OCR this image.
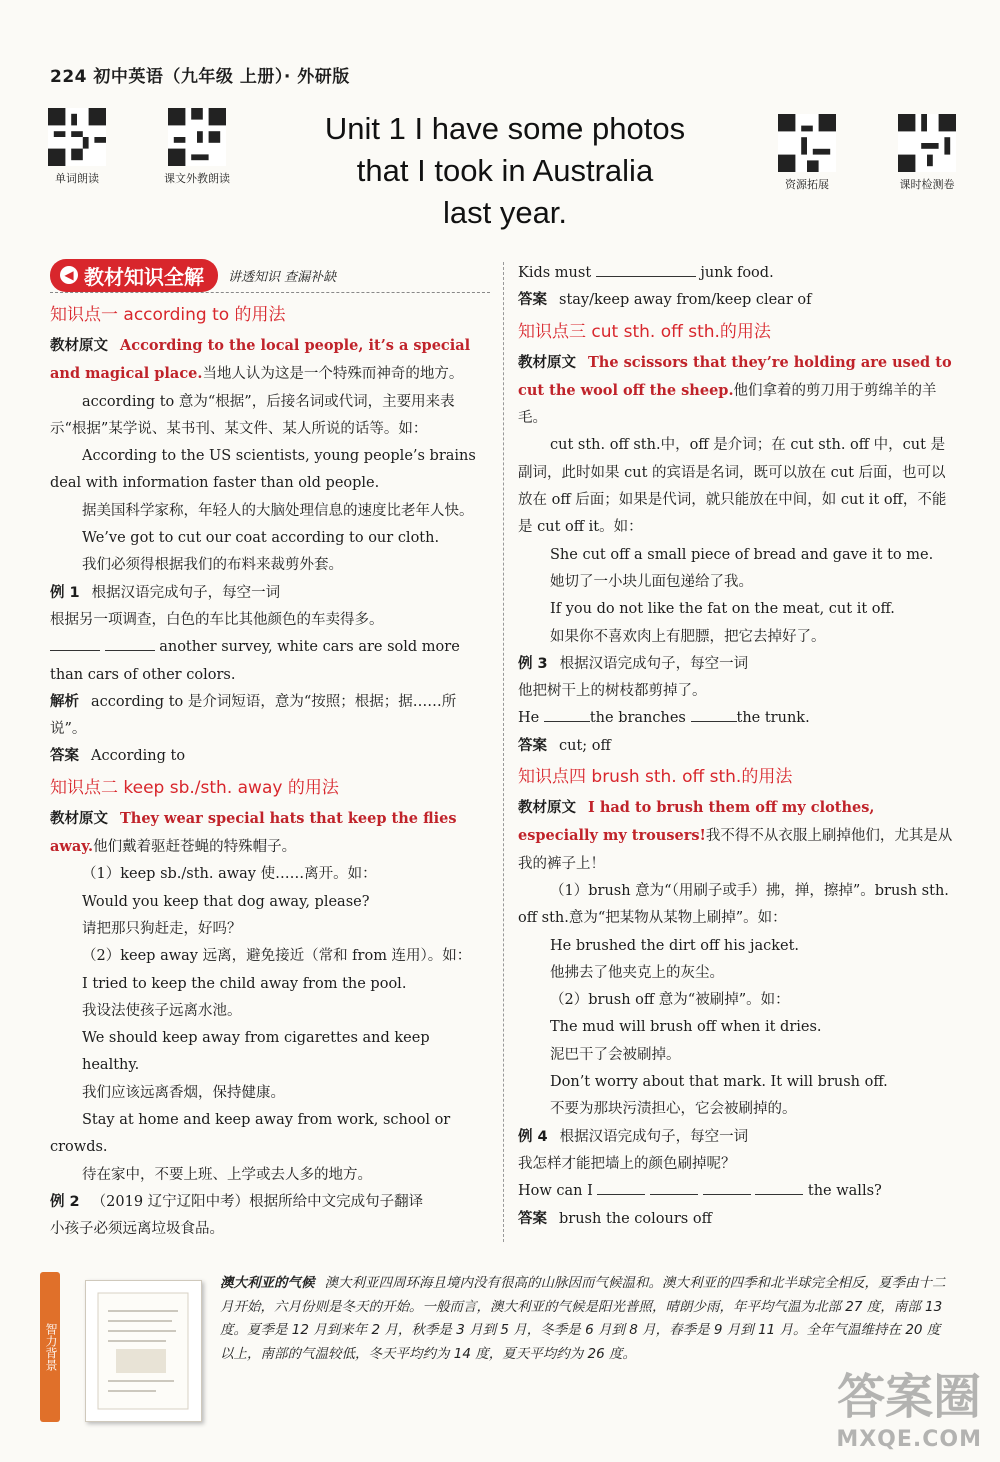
224 初中英语（九年级 上册）· 外研版
单词朗读	课文外教朗读	资源拓展	课时检测卷
Unit 1 I have some photos
that I took in Australia
last year.
◀ 教材知识全解 讲透知识 查漏补缺

知识点一 according to 的用法

教材原文 According to the local people, it’s a special and magical place.当地人认为这是一个特殊而神奇的地方。

according to 意为“根据”，后接名词或代词，主要用来表示“根据”某学说、某书刊、某文件、某人所说的话等。如：

According to the US scientists, young people’s brains deal with information faster than old people.

据美国科学家称，年轻人的大脑处理信息的速度比老年人快。

We’ve got to cut our coat according to our cloth.

我们必须得根据我们的布料来裁剪外套。

例 1 根据汉语完成句子，每空一词

根据另一项调查，白色的车比其他颜色的车卖得多。

another survey, white cars are sold more than cars of other colors.

解析 according to 是介词短语，意为“按照；根据；据……所说”。

答案 According to

知识点二 keep sb./sth. away 的用法

教材原文 They wear special hats that keep the flies away.他们戴着驱赶苍蝇的特殊帽子。

（1）keep sb./sth. away 使……离开。如：

Would you keep that dog away, please?

请把那只狗赶走，好吗？

（2）keep away 远离，避免接近（常和 from 连用）。如：

I tried to keep the child away from the pool.

我设法使孩子远离水池。

We should keep away from cigarettes and keep healthy.

我们应该远离香烟，保持健康。

Stay at home and keep away from work, school or crowds.

待在家中，不要上班、上学或去人多的地方。

例 2 （2019 辽宁辽阳中考）根据所给中文完成句子翻译

小孩子必须远离垃圾食品。

Kids must	junk food.

答案 stay/keep away from/keep clear of

知识点三 cut sth. off sth.的用法

教材原文 The scissors that they’re holding are used to cut the wool off the sheep.他们拿着的剪刀用于剪绵羊的羊毛。

cut sth. off sth.中，off 是介词；在 cut sth. off 中，cut 是副词，此时如果 cut 的宾语是名词，既可以放在 cut 后面，也可以放在 off 后面；如果是代词，就只能放在中间，如 cut it off，不能是 cut off it。如：

She cut off a small piece of bread and gave it to me.

她切了一小块儿面包递给了我。

If you do not like the fat on the meat, cut it off.

如果你不喜欢肉上有肥膘，把它去掉好了。

例 3 根据汉语完成句子，每空一词

他把树干上的树枝都剪掉了。

He	the branches	the trunk.

答案 cut; off

知识点四 brush sth. off sth.的用法

教材原文 I had to brush them off my clothes, especially my trousers!我不得不从衣服上刷掉他们，尤其是从我的裤子上！

（1）brush 意为“（用刷子或手）拂，掸，擦掉”。brush sth. off sth.意为“把某物从某物上刷掉”。如：

He brushed the dirt off his jacket.

他拂去了他夹克上的灰尘。

（2）brush off 意为“被刷掉”。如：

The mud will brush off when it dries.

泥巴干了会被刷掉。

Don’t worry about that mark. It will brush off.

不要为那块污渍担心，它会被刷掉的。

例 4 根据汉语完成句子，每空一词

我怎样才能把墙上的颜色刷掉呢？

How can I	the walls?

答案 brush the colours off

智力背景
澳大利亚的气候 澳大利亚四周环海且境内没有很高的山脉因而气候温和。澳大利亚的四季和北半球完全相反，夏季由十二月开始，六月份则是冬天的开始。一般而言，澳大利亚的气候是阳光普照，晴朗少雨，年平均气温为北部 27 度，南部 13 度。夏季是 12 月到来年 2 月，秋季是 3 月到 5 月，冬季是 6 月到 8 月，春季是 9 月到 11 月。全年气温维持在 20 度以上，南部的气温较低，冬天平均约为 14 度，夏天平均约为 26 度。
答案圈
MXQE.COM
